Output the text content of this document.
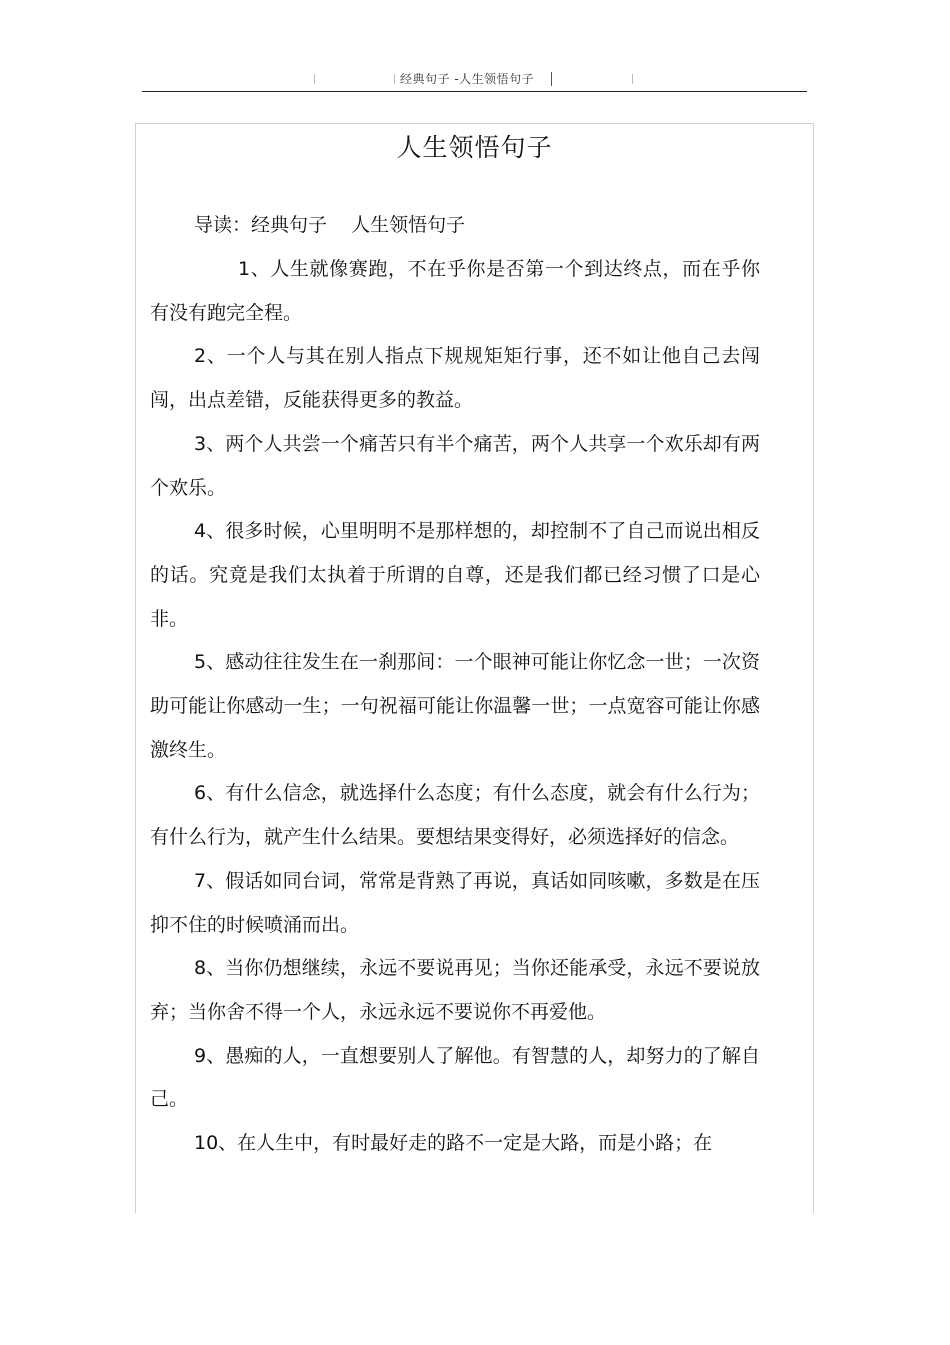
经典句子 -人生领悟句子
人生领悟句子
导读：经典句子    人生领悟句子

1、人生就像赛跑，不在乎你是否第一个到达终点，而在乎你有没有跑完全程。

2、一个人与其在别人指点下规规矩矩行事，还不如让他自己去闯闯，出点差错，反能获得更多的教益。

3、两个人共尝一个痛苦只有半个痛苦，两个人共享一个欢乐却有两个欢乐。

4、很多时候，心里明明不是那样想的，却控制不了自己而说出相反的话。究竟是我们太执着于所谓的自尊，还是我们都已经习惯了口是心非。

5、感动往往发生在一刹那间：一个眼神可能让你忆念一世；一次资助可能让你感动一生；一句祝福可能让你温馨一世；一点宽容可能让你感激终生。

6、有什么信念，就选择什么态度；有什么态度，就会有什么行为；有什么行为，就产生什么结果。要想结果变得好，必须选择好的信念。

7、假话如同台词，常常是背熟了再说，真话如同咳嗽，多数是在压抑不住的时候喷涌而出。

8、当你仍想继续，永远不要说再见；当你还能承受，永远不要说放弃；当你舍不得一个人，永远永远不要说你不再爱他。

9、愚痴的人，一直想要别人了解他。有智慧的人，却努力的了解自己。

10、在人生中，有时最好走的路不一定是大路，而是小路；在
